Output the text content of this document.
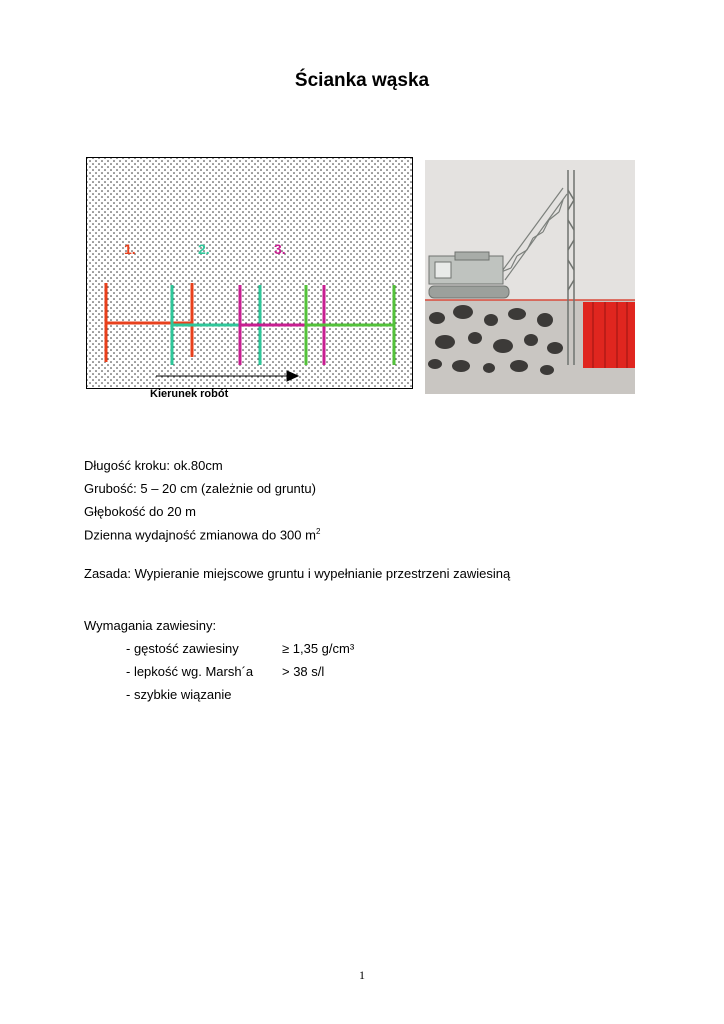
Ścianka wąska
1.	2.	3.
Kierunek robót
Długość kroku: ok.80cm
Grubość: 5 – 20 cm (zależnie od gruntu)
Głębokość do 20 m
Dzienna wydajność zmianowa do 300 $m^2$
Zasada: Wypieranie miejscowe gruntu i wypełnianie przestrzeni zawiesiną
Wymagania zawiesiny:
- gęstość zawiesiny	≥ 1,35 g/cm³
- lepkość wg. Marsh´a > 38 s/l
- szybkie wiązanie
1
